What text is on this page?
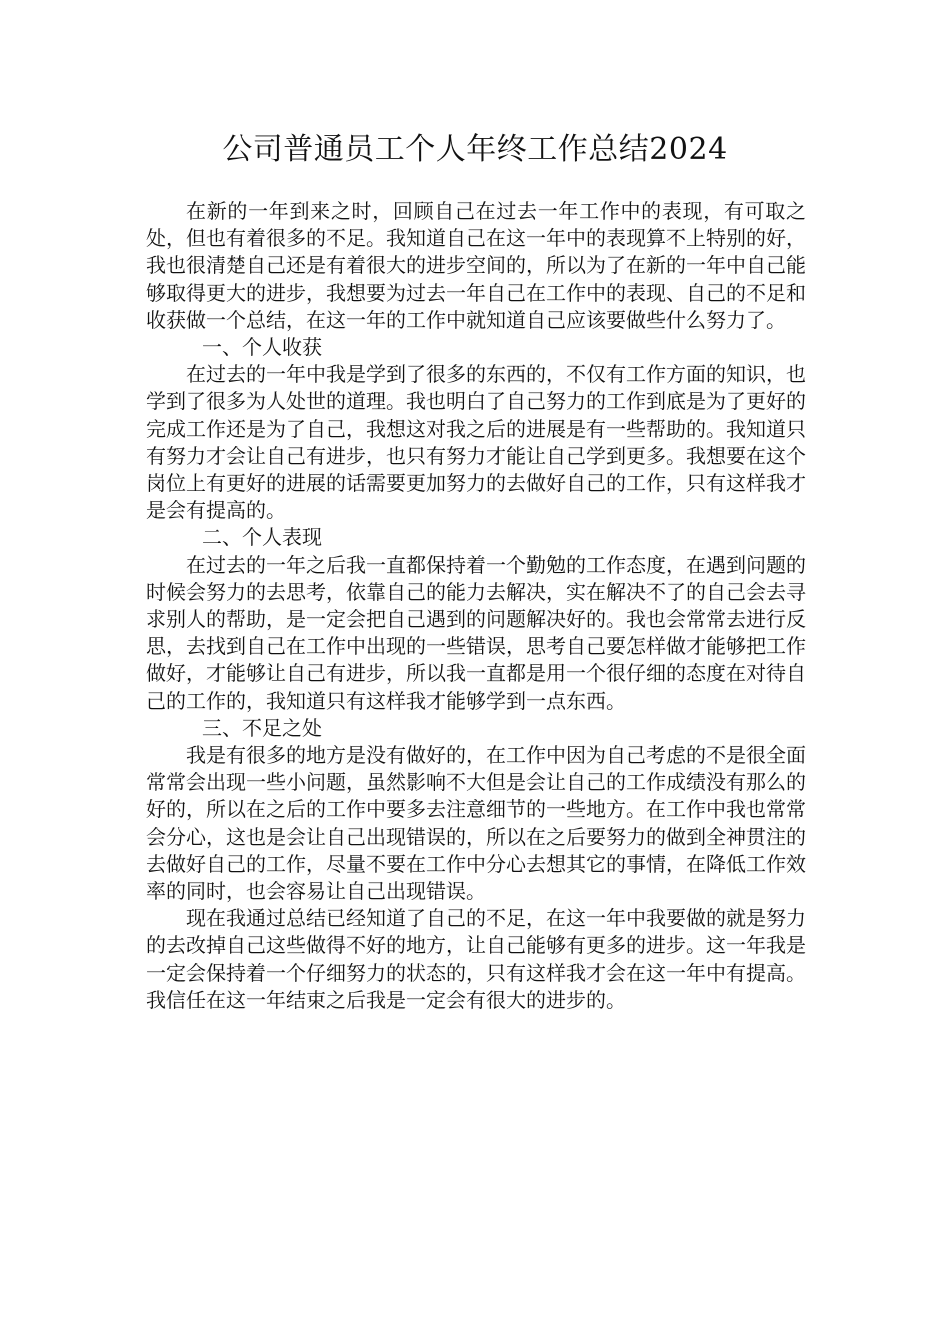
公司普通员工个人年终工作总结2024

在新的一年到来之时，回顾自己在过去一年工作中的表现，有可取之处，但也有着很多的不足。我知道自己在这一年中的表现算不上特别的好，我也很清楚自己还是有着很大的进步空间的，所以为了在新的一年中自己能够取得更大的进步，我想要为过去一年自己在工作中的表现、自己的不足和收获做一个总结，在这一年的工作中就知道自己应该要做些什么努力了。

一、个人收获

在过去的一年中我是学到了很多的东西的，不仅有工作方面的知识，也学到了很多为人处世的道理。我也明白了自己努力的工作到底是为了更好的完成工作还是为了自己，我想这对我之后的进展是有一些帮助的。我知道只有努力才会让自己有进步，也只有努力才能让自己学到更多。我想要在这个岗位上有更好的进展的话需要更加努力的去做好自己的工作，只有这样我才是会有提高的。

二、个人表现

在过去的一年之后我一直都保持着一个勤勉的工作态度，在遇到问题的时候会努力的去思考，依靠自己的能力去解决，实在解决不了的自己会去寻求别人的帮助，是一定会把自己遇到的问题解决好的。我也会常常去进行反思，去找到自己在工作中出现的一些错误，思考自己要怎样做才能够把工作做好，才能够让自己有进步，所以我一直都是用一个很仔细的态度在对待自己的工作的，我知道只有这样我才能够学到一点东西。

三、不足之处

我是有很多的地方是没有做好的，在工作中因为自己考虑的不是很全面常常会出现一些小问题，虽然影响不大但是会让自己的工作成绩没有那么的好的，所以在之后的工作中要多去注意细节的一些地方。在工作中我也常常会分心，这也是会让自己出现错误的，所以在之后要努力的做到全神贯注的去做好自己的工作，尽量不要在工作中分心去想其它的事情，在降低工作效率的同时，也会容易让自己出现错误。

现在我通过总结已经知道了自己的不足，在这一年中我要做的就是努力的去改掉自己这些做得不好的地方，让自己能够有更多的进步。这一年我是一定会保持着一个仔细努力的状态的，只有这样我才会在这一年中有提高。我信任在这一年结束之后我是一定会有很大的进步的。
